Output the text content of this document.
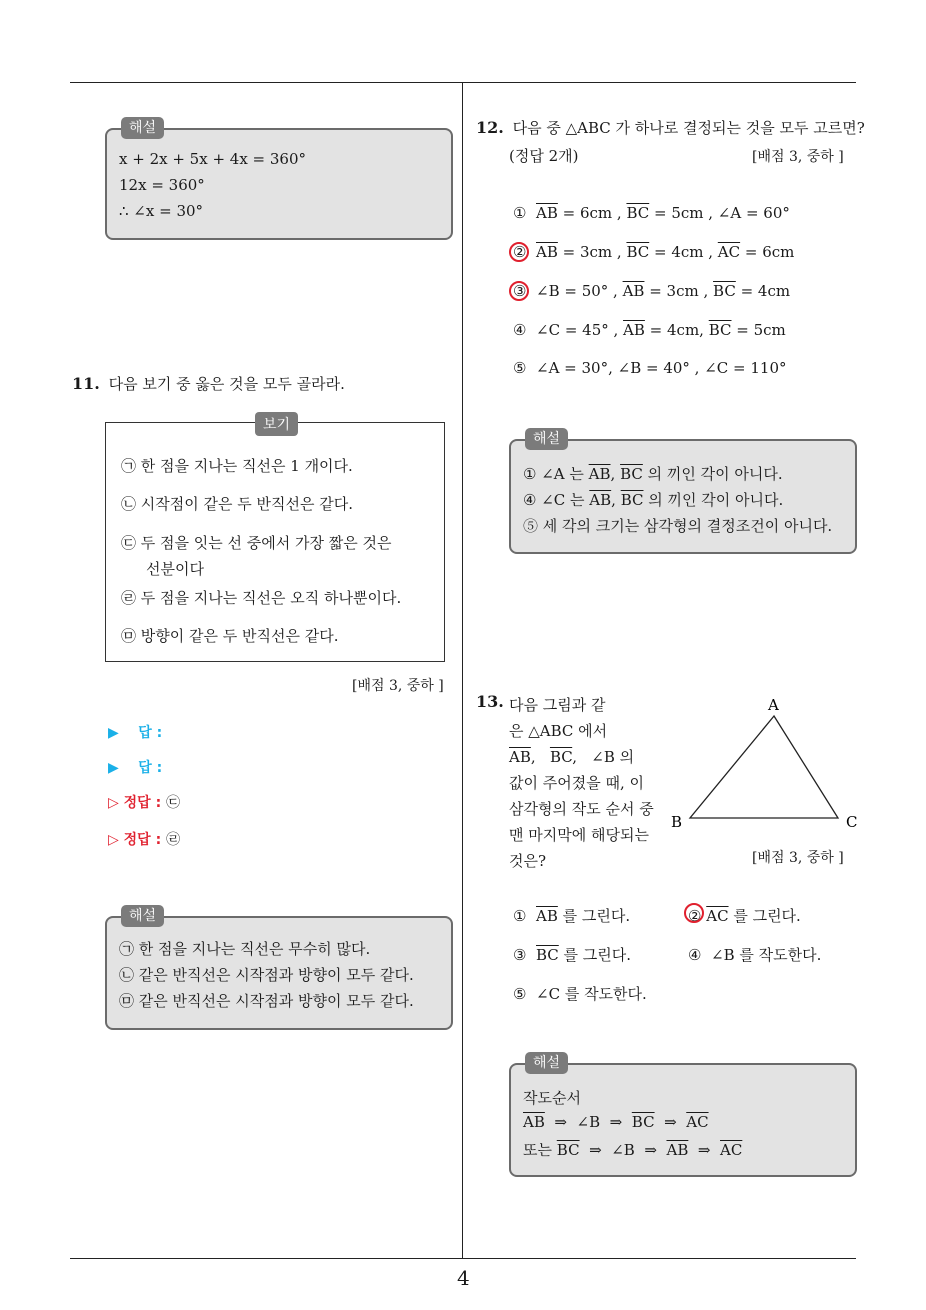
4
해설
x + 2x + 5x + 4x = 360°
12x = 360°
∴ ∠x = 30°
11. 다음 보기 중 옳은 것을 모두 골라라.
보기
㉠ 한 점을 지나는 직선은 1 개이다.
㉡ 시작점이 같은 두 반직선은 같다.
㉢ 두 점을 잇는 선 중에서 가장 짧은 것은
선분이다
㉣ 두 점을 지나는 직선은 오직 하나뿐이다.
㉤ 방향이 같은 두 반직선은 같다.
[배점 3, 중하 ]
▶ 답 :
▶ 답 :
▷ 정답 : ㉢
▷ 정답 : ㉣
해설
㉠ 한 점을 지나는 직선은 무수히 많다.
㉡ 같은 반직선은 시작점과 방향이 모두 같다.
㉤ 같은 반직선은 시작점과 방향이 모두 같다.
12. 다음 중 △ABC 가 하나로 결정되는 것을 모두 고르면?
(정답 2개)	[배점 3, 중하 ]
① $\overline{AB} = 6cm$ , $\overline{BC} = 5cm$ , ∠A = 60°
② $\overline{AB} = 3cm$ , $\overline{BC} = 4cm$ , $\overline{AC} = 6cm$
③ ∠B = 50° , $\overline{AB} = 3cm$ , $\overline{BC} = 4cm$
④ ∠C = 45° , $\overline{AB} = 4cm$, $\overline{BC} = 5cm$
⑤ ∠A = 30°, ∠B = 40° , ∠C = 110°
해설
① ∠A 는 $\overline{AB}$, $\overline{BC}$ 의 끼인 각이 아니다.
④ ∠C 는 $\overline{AB}$, $\overline{BC}$ 의 끼인 각이 아니다.
⑤ 세 각의 크기는 삼각형의 결정조건이 아니다.
13. 다음 그림과 같
은 △ABC 에서
$\overline{AB}$,   $\overline{BC}$,   ∠B 의
값이 주어졌을 때, 이
삼각형의 작도 순서 중
맨 마지막에 해당되는
것은?
A
B	C
[배점 3, 중하 ]
① $\overline{AB}$ 를 그린다.	② $\overline{AC}$ 를 그린다.
③ $\overline{BC}$ 를 그린다.	④ ∠B 를 작도한다.
⑤ ∠C 를 작도한다.
해설
작도순서
$\overline{AB}$ ⇒ ∠B ⇒ $\overline{BC}$ ⇒ $\overline{AC}$
또는 $\overline{BC}$ ⇒ ∠B ⇒ $\overline{AB}$ ⇒ $\overline{AC}$
